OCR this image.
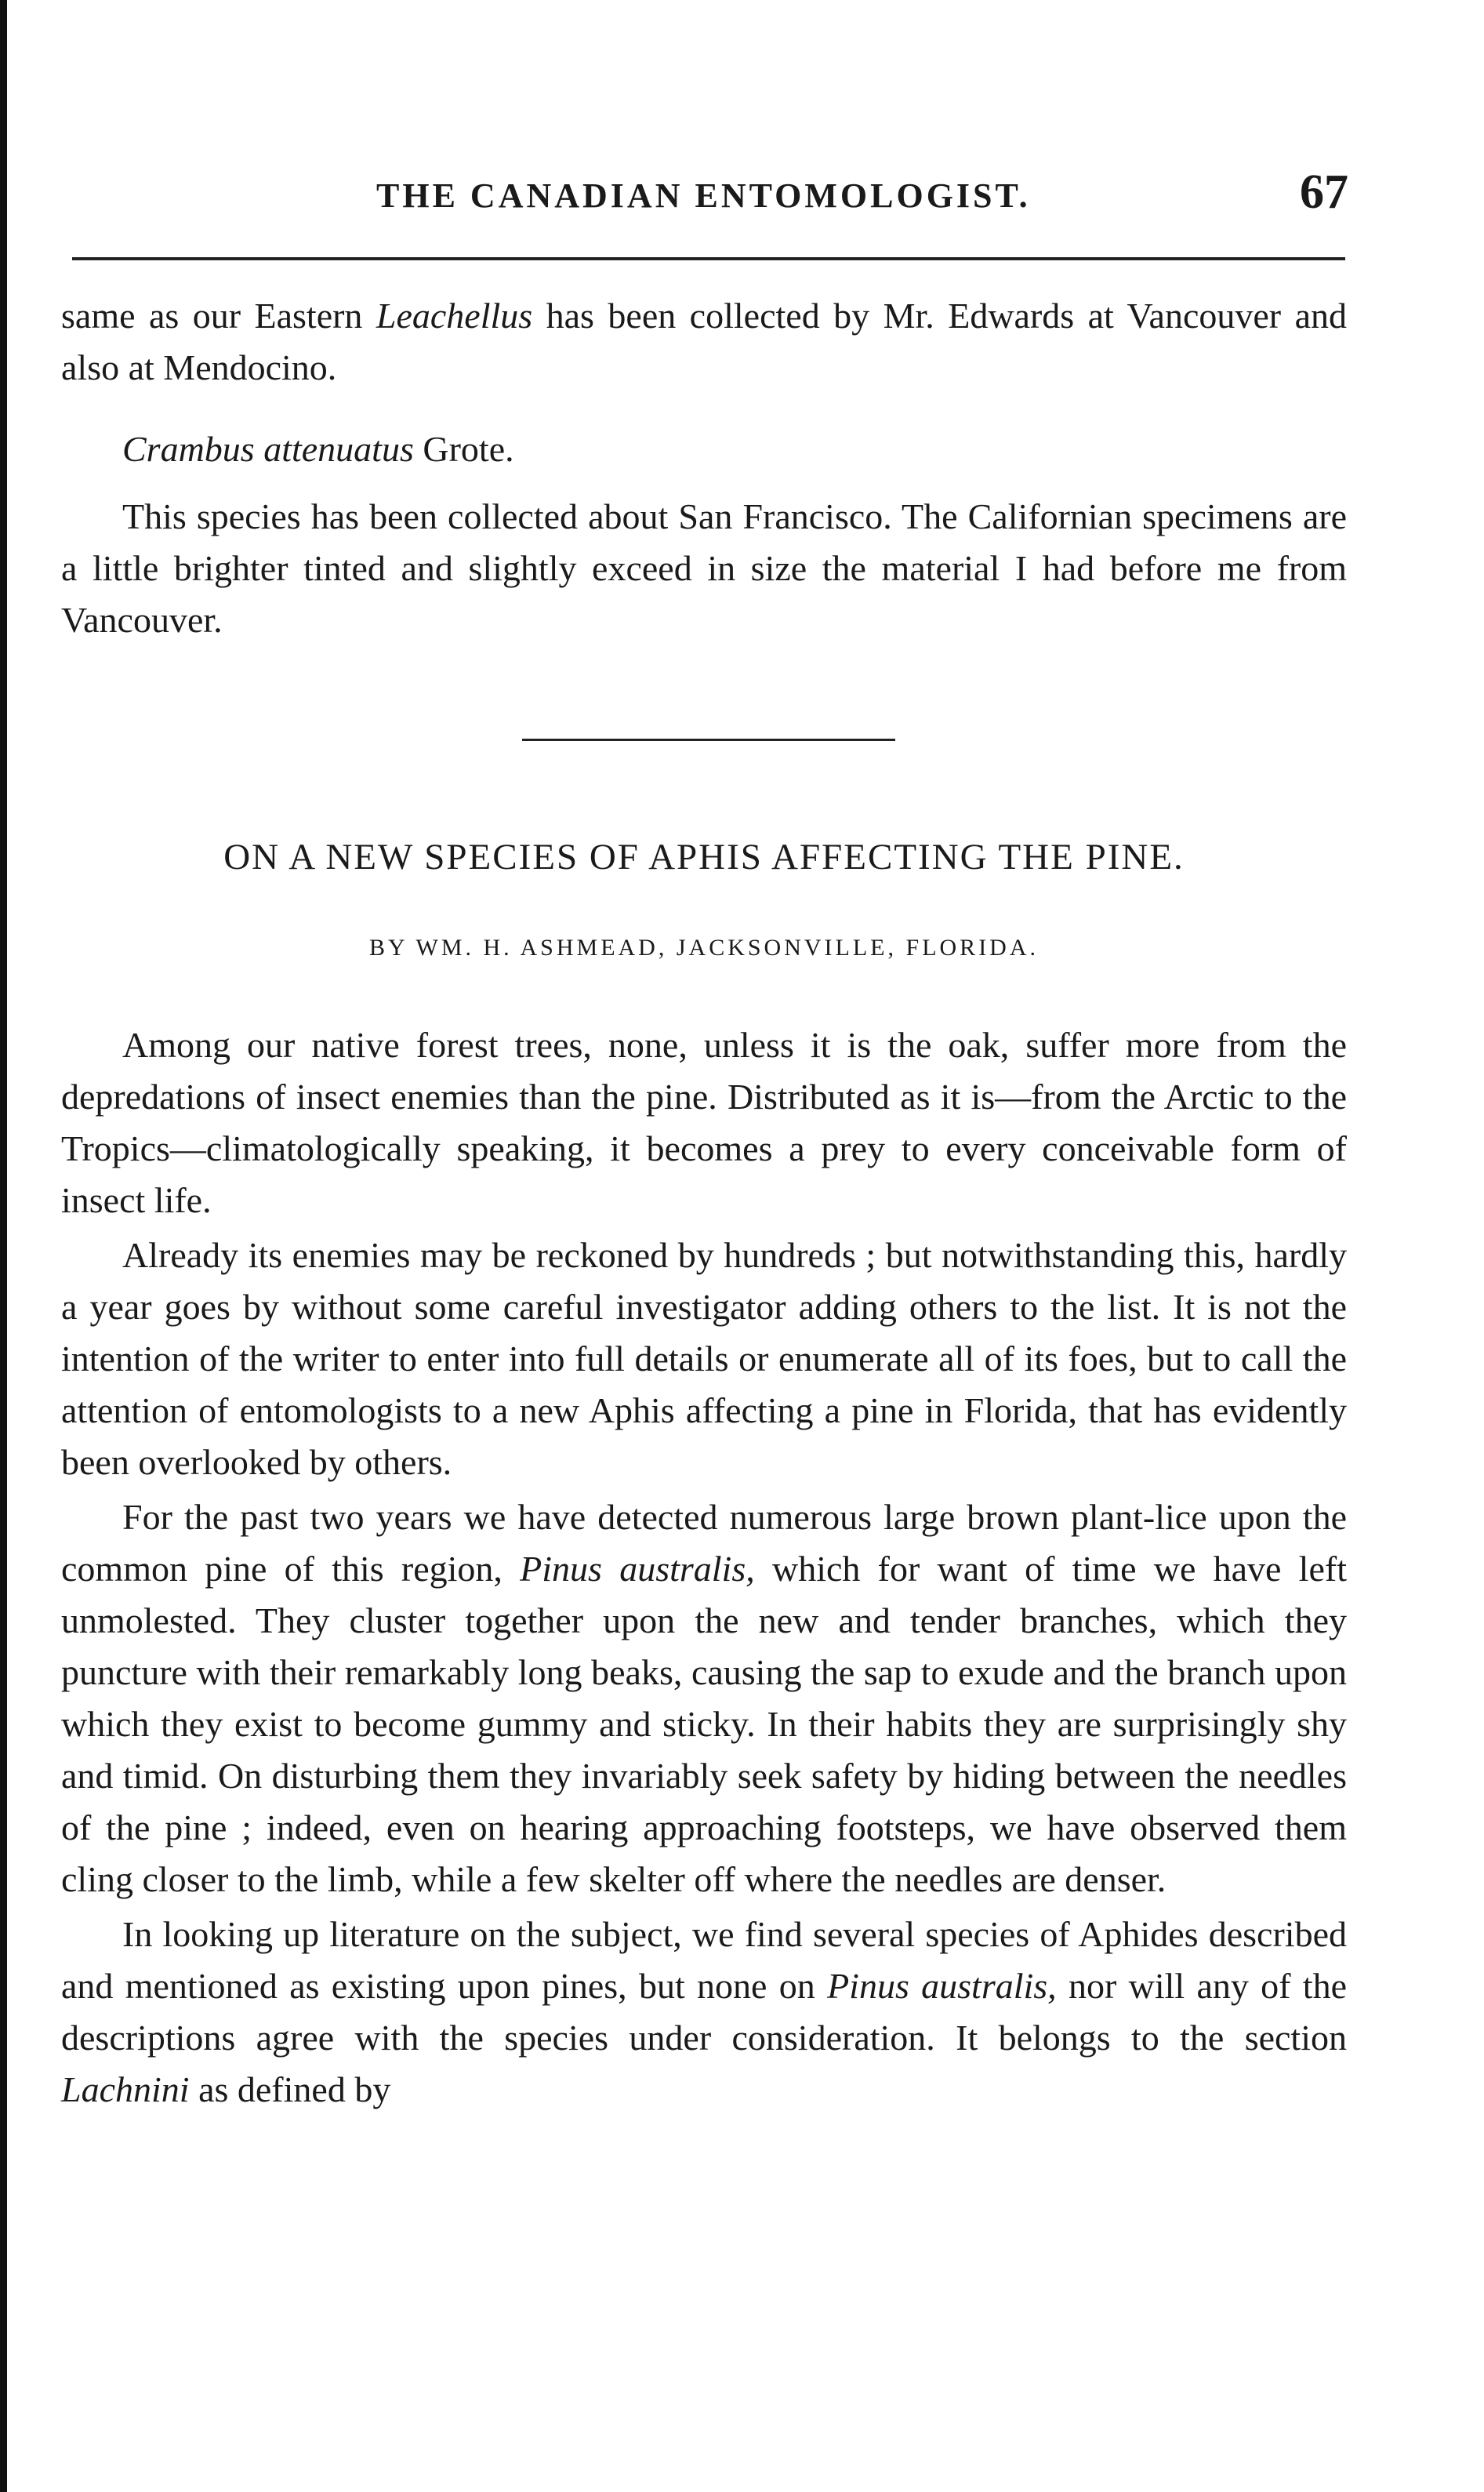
THE CANADIAN ENTOMOLOGIST.	67

same as our Eastern Leachellus has been collected by Mr. Edwards at Vancouver and also at Mendocino.

Crambus attenuatus Grote.

This species has been collected about San Francisco. The Californian specimens are a little brighter tinted and slightly exceed in size the material I had before me from Vancouver.

ON A NEW SPECIES OF APHIS AFFECTING THE PINE.
BY WM. H. ASHMEAD, JACKSONVILLE, FLORIDA.

Among our native forest trees, none, unless it is the oak, suffer more from the depredations of insect enemies than the pine. Distributed as it is—from the Arctic to the Tropics—climatologically speaking, it becomes a prey to every conceivable form of insect life.

Already its enemies may be reckoned by hundreds ; but notwithstanding this, hardly a year goes by without some careful investigator adding others to the list. It is not the intention of the writer to enter into full details or enumerate all of its foes, but to call the attention of entomologists to a new Aphis affecting a pine in Florida, that has evidently been overlooked by others.

For the past two years we have detected numerous large brown plant-lice upon the common pine of this region, Pinus australis, which for want of time we have left unmolested. They cluster together upon the new and tender branches, which they puncture with their remarkably long beaks, causing the sap to exude and the branch upon which they exist to become gummy and sticky. In their habits they are surprisingly shy and timid. On disturbing them they invariably seek safety by hiding between the needles of the pine ; indeed, even on hearing approaching footsteps, we have observed them cling closer to the limb, while a few skelter off where the needles are denser.

In looking up literature on the subject, we find several species of Aphides described and mentioned as existing upon pines, but none on Pinus australis, nor will any of the descriptions agree with the species under consideration. It belongs to the section Lachnini as defined by
